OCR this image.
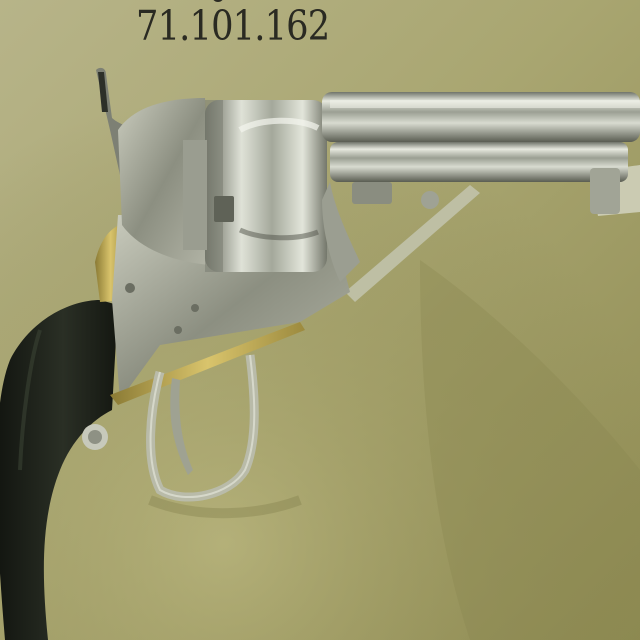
71.101.162
